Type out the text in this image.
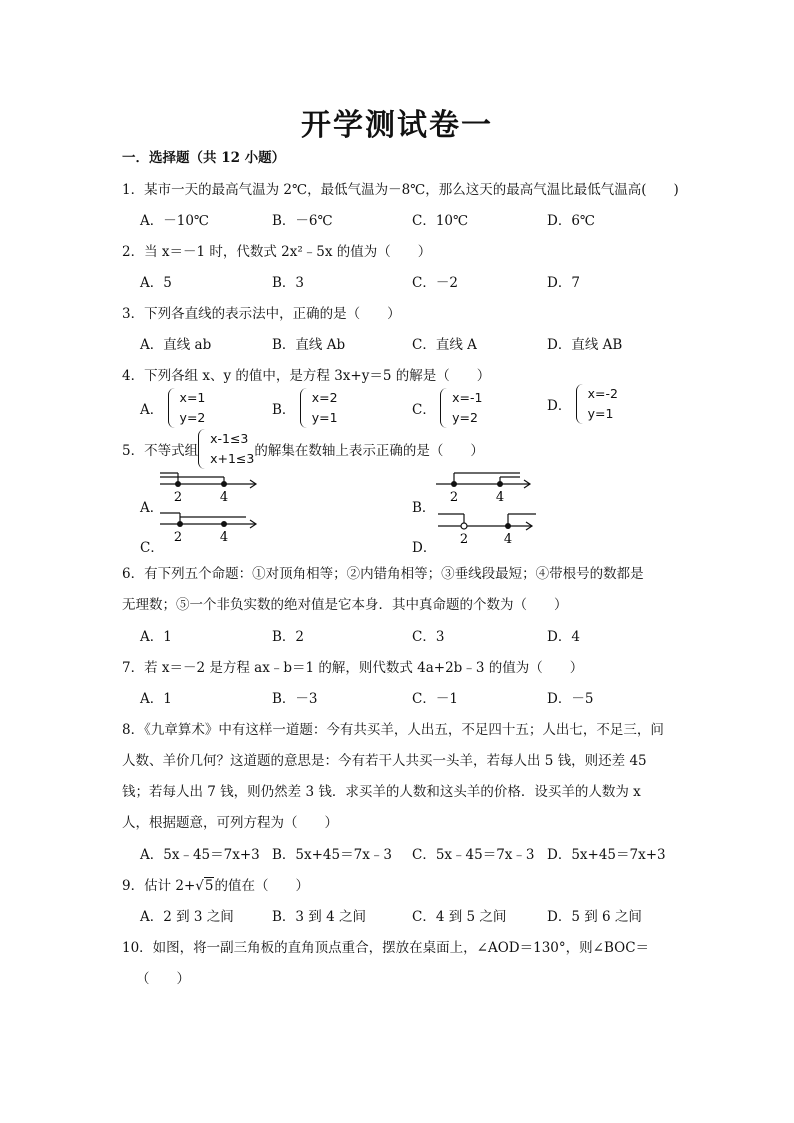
开学测试卷一
一．选择题（共 12 小题）
1．某市一天的最高气温为 2℃，最低气温为－8℃，那么这天的最高气温比最低气温高(　　)
A．－10℃	B．－6℃	C．10℃	D．6℃
2．当 x＝－1 时，代数式 2x²﹣5x 的值为（　　）
A．5	B．3	C．－2	D．7
3．下列各直线的表示法中，正确的是（　　）
A．直线 ab	B．直线 Ab	C．直线 A	D．直线 AB
4．下列各组 x、y 的值中，是方程 3x+y＝5 的解是（　　）
A．
x=1
y=2	B．
x=2
y=1	C．
x=-1
y=2
D．
x=-2
y=1
5．不等式组
x-1≤3
x+1≤3 的解集在数轴上表示正确的是（　　）
A．
2	4
B．
2	4
C．
2	4
D．
2	4
6．有下列五个命题：①对顶角相等；②内错角相等；③垂线段最短；④带根号的数都是
无理数；⑤一个非负实数的绝对值是它本身．其中真命题的个数为（　　）
A．1	B．2	C．3	D．4
7．若 x＝－2 是方程 ax﹣b＝1 的解，则代数式 4a+2b﹣3 的值为（　　）
A．1	B．－3	C．－1	D．－5
8．《九章算术》中有这样一道题：今有共买羊，人出五，不足四十五；人出七，不足三，问
人数、羊价几何？这道题的意思是：今有若干人共买一头羊，若每人出 5 钱，则还差 45
钱；若每人出 7 钱，则仍然差 3 钱．求买羊的人数和这头羊的价格．设买羊的人数为 x
人，根据题意，可列方程为（　　）
A．5x﹣45＝7x+3 B．5x+45＝7x﹣3 C．5x﹣45＝7x﹣3 D．5x+45＝7x+3
9．估计 2+√5的值在（　　）
A．2 到 3 之间	B．3 到 4 之间	C．4 到 5 之间	D．5 到 6 之间
10．如图，将一副三角板的直角顶点重合，摆放在桌面上，∠AOD＝130°，则∠BOC＝
（　　）
